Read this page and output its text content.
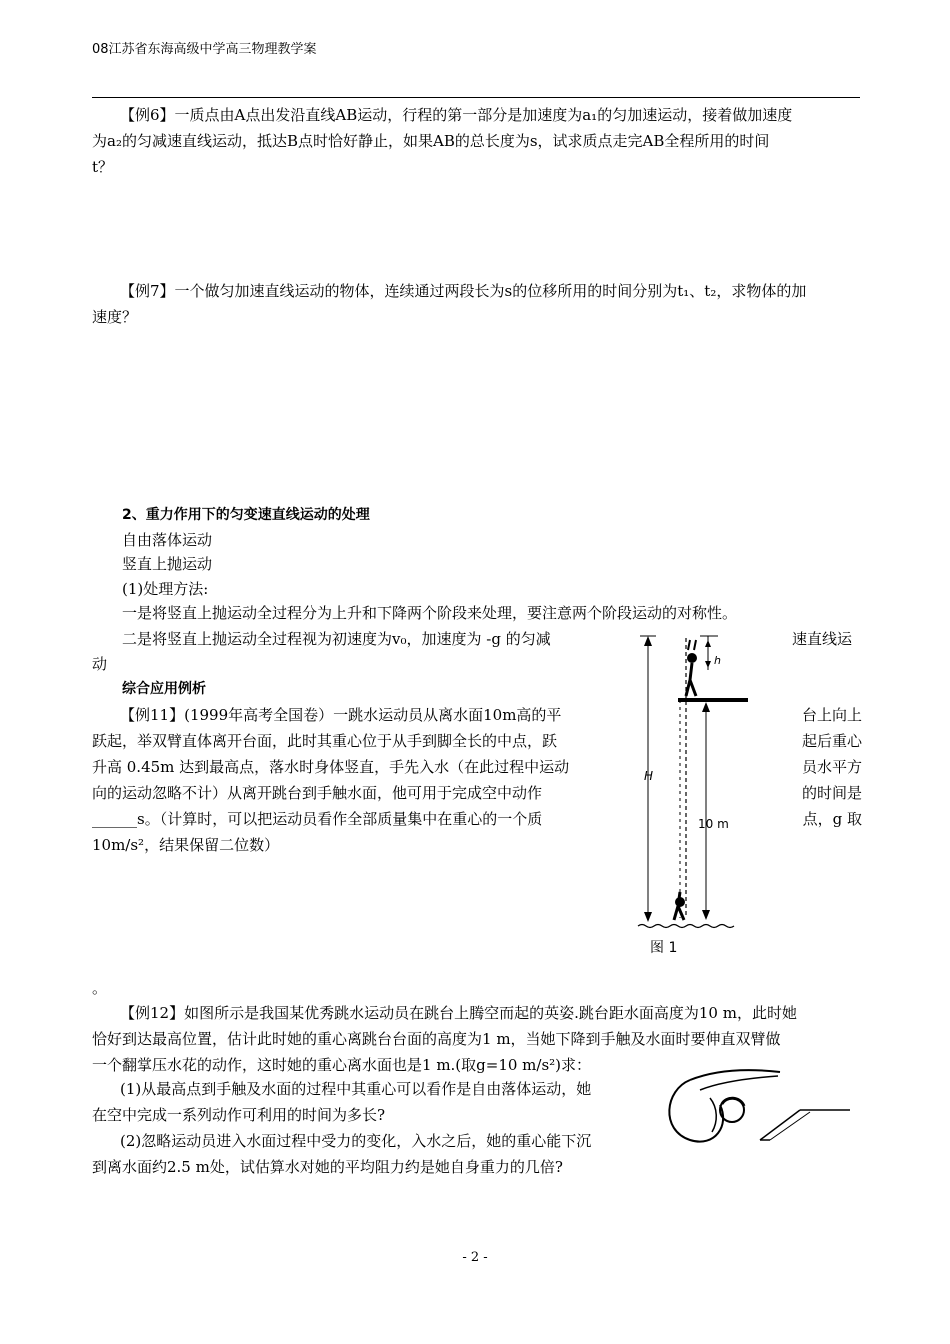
08江苏省东海高级中学高三物理教学案
【例6】一质点由A点出发沿直线AB运动，行程的第一部分是加速度为a₁的匀加速运动，接着做加速度
为a₂的匀减速直线运动，抵达B点时恰好静止，如果AB的总长度为s，试求质点走完AB全程所用的时间
t？
【例7】一个做匀加速直线运动的物体，连续通过两段长为s的位移所用的时间分别为t₁、t₂，求物体的加
速度？
2、重力作用下的匀变速直线运动的处理
自由落体运动
竖直上抛运动
(1)处理方法:
一是将竖直上抛运动全过程分为上升和下降两个阶段来处理，要注意两个阶段运动的对称性。
二是将竖直上抛运动全过程视为初速度为v₀，加速度为 -g 的匀减	速直线运
动
综合应用例析
【例11】(1999年高考全国卷）一跳水运动员从离水面10m高的平
跃起，举双臂直体离开台面，此时其重心位于从手到脚全长的中点，跃
升高 0.45m 达到最高点，落水时身体竖直，手先入水（在此过程中运动
向的运动忽略不计）从离开跳台到手触水面，他可用于完成空中动作
______s。（计算时，可以把运动员看作全部质量集中在重心的一个质
10m/s²，结果保留二位数）
台上向上
起后重心
员水平方
的时间是
点，g 取
。
H
h
10 m
图 1
【例12】如图所示是我国某优秀跳水运动员在跳台上腾空而起的英姿.跳台距水面高度为10 m，此时她
恰好到达最高位置，估计此时她的重心离跳台台面的高度为1 m，当她下降到手触及水面时要伸直双臂做
一个翻掌压水花的动作，这时她的重心离水面也是1 m.(取g=10 m/s²)求：
(1)从最高点到手触及水面的过程中其重心可以看作是自由落体运动，她
在空中完成一系列动作可利用的时间为多长?
(2)忽略运动员进入水面过程中受力的变化，入水之后，她的重心能下沉
到离水面约2.5 m处，试估算水对她的平均阻力约是她自身重力的几倍?
- 2 -
